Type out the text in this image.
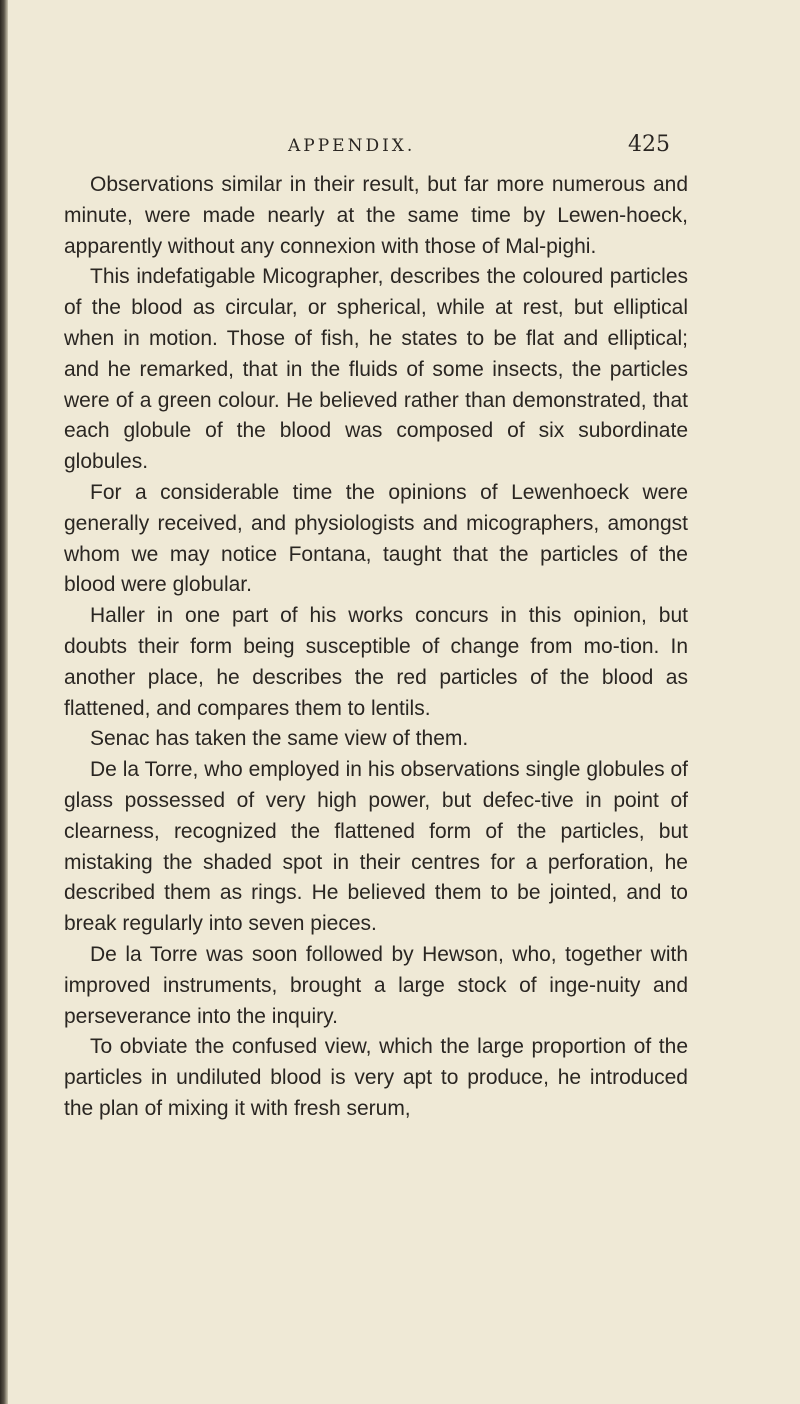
APPENDIX.	425

Observations similar in their result, but far more numerous and minute, were made nearly at the same time by Lewen-hoeck, apparently without any connexion with those of Mal-pighi.

This indefatigable Micographer, describes the coloured particles of the blood as circular, or spherical, while at rest, but elliptical when in motion. Those of fish, he states to be flat and elliptical; and he remarked, that in the fluids of some insects, the particles were of a green colour. He believed rather than demonstrated, that each globule of the blood was composed of six subordinate globules.

For a considerable time the opinions of Lewenhoeck were generally received, and physiologists and micographers, amongst whom we may notice Fontana, taught that the particles of the blood were globular.

Haller in one part of his works concurs in this opinion, but doubts their form being susceptible of change from mo-tion. In another place, he describes the red particles of the blood as flattened, and compares them to lentils.

Senac has taken the same view of them.

De la Torre, who employed in his observations single globules of glass possessed of very high power, but defec-tive in point of clearness, recognized the flattened form of the particles, but mistaking the shaded spot in their centres for a perforation, he described them as rings. He believed them to be jointed, and to break regularly into seven pieces.

De la Torre was soon followed by Hewson, who, together with improved instruments, brought a large stock of inge-nuity and perseverance into the inquiry.

To obviate the confused view, which the large proportion of the particles in undiluted blood is very apt to produce, he introduced the plan of mixing it with fresh serum,
